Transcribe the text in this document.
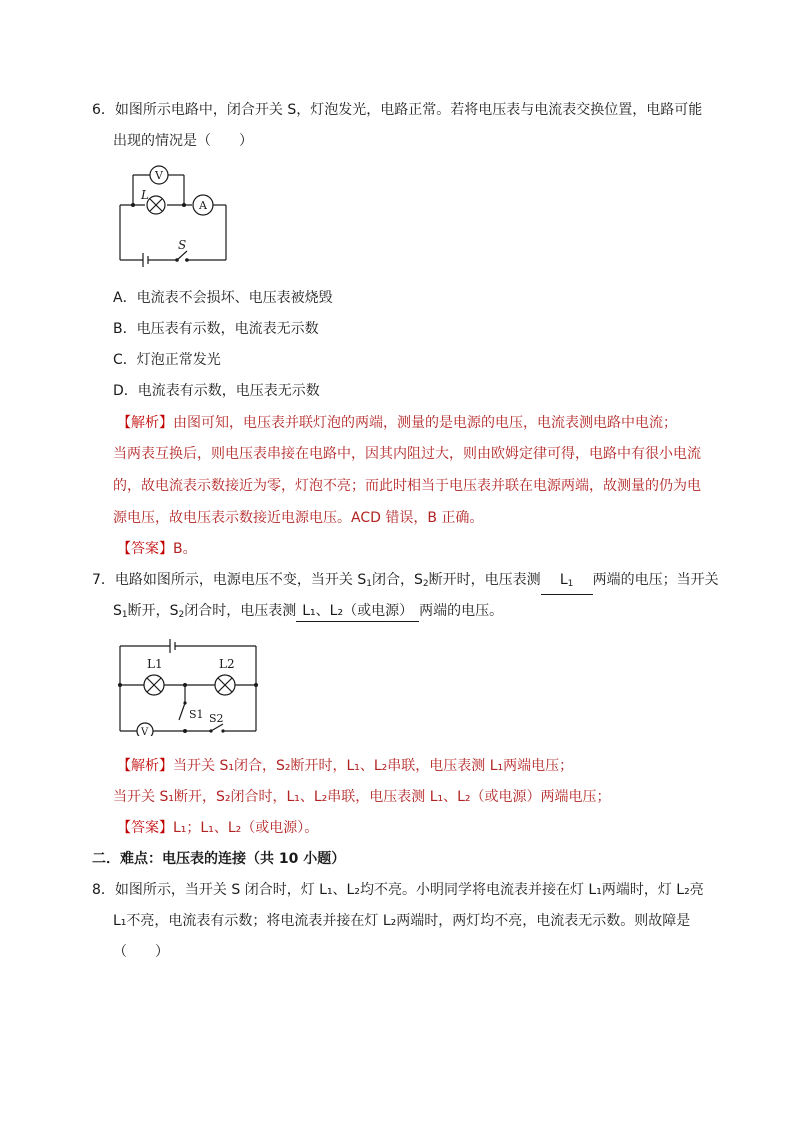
6．如图所示电路中，闭合开关 S，灯泡发光，电路正常。若将电压表与电流表交换位置，电路可能
出现的情况是（　　）
L
V
A
S
A．电流表不会损坏、电压表被烧毁
B．电压表有示数，电流表无示数
C．灯泡正常发光
D．电流表有示数，电压表无示数
【解析】由图可知，电压表并联灯泡的两端，测量的是电源的电压，电流表测电路中电流；
当两表互换后，则电压表串接在电路中，因其内阻过大，则由欧姆定律可得，电路中有很小电流
的，故电流表示数接近为零，灯泡不亮；而此时相当于电压表并联在电源两端，故测量的仍为电
源电压，故电压表示数接近电源电压。ACD 错误，B 正确。
【答案】B。
7．电路如图所示，电源电压不变，当开关 $S_1$闭合，$S_2$断开时，电压表测 $L_1$ 两端的电压；当开关
$S_1$断开，$S_2$闭合时，电压表测 L₁、L₂（或电源） 两端的电压。
L1	L2
V
S1 S2
【解析】当开关 S₁闭合，S₂断开时，L₁、L₂串联，电压表测 L₁两端电压；
当开关 S₁断开，S₂闭合时，L₁、L₂串联，电压表测 L₁、L₂（或电源）两端电压；
【答案】L₁；L₁、L₂（或电源）。
二．难点：电压表的连接（共 10 小题）
8．如图所示，当开关 S 闭合时，灯 L₁、L₂均不亮。小明同学将电流表并接在灯 L₁两端时，灯 L₂亮
L₁不亮，电流表有示数；将电流表并接在灯 L₂两端时，两灯均不亮，电流表无示数。则故障是
（　　）
